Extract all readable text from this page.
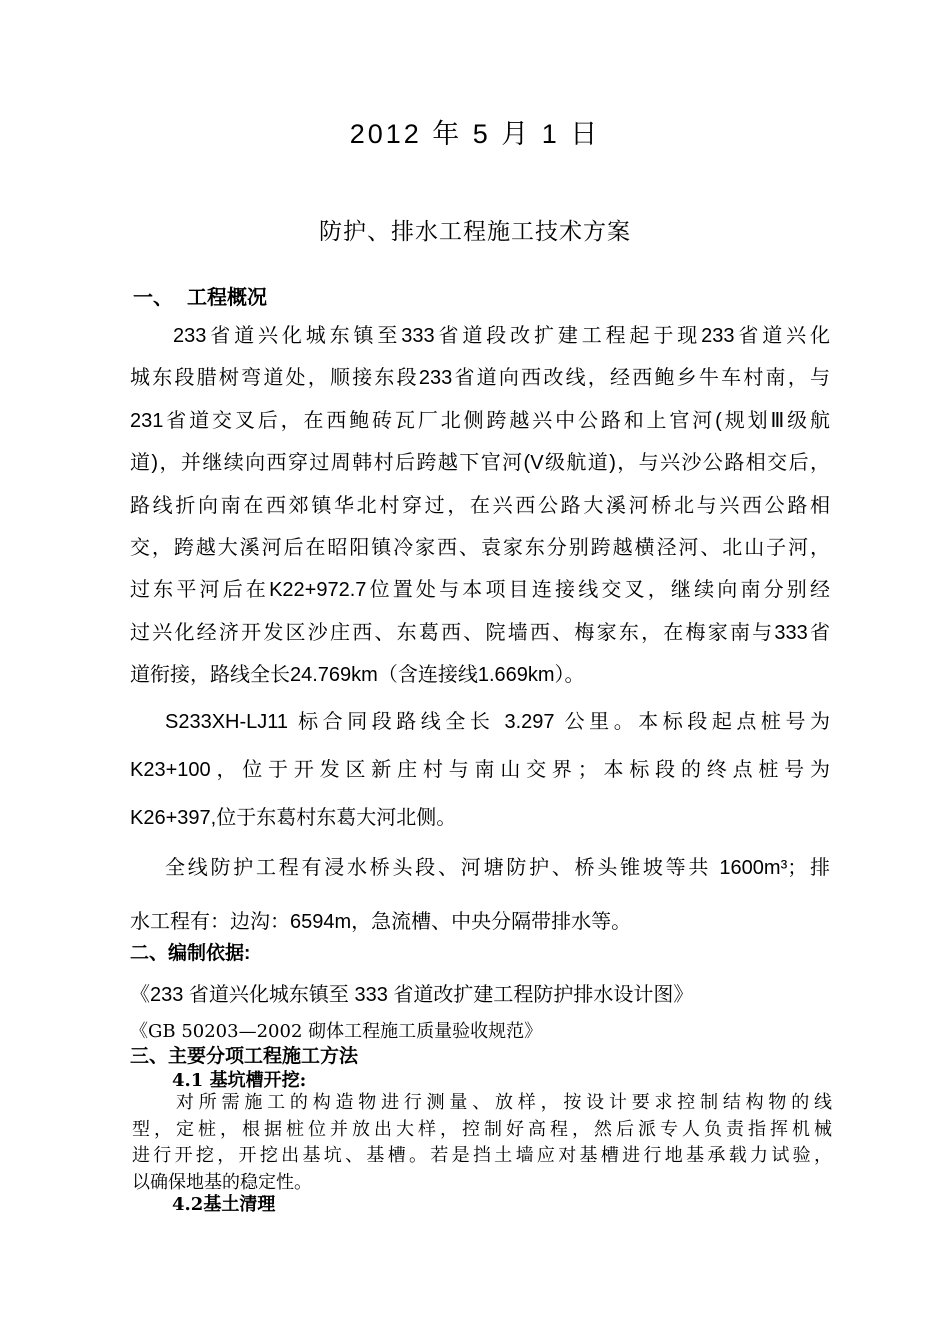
2012 年 5 月 1 日
防护、排水工程施工技术方案
一、 工程概况
233省道兴化城东镇至333省道段改扩建工程起于现233省道兴化
城东段腊树弯道处，顺接东段233省道向西改线，经西鲍乡牛车村南，与
231省道交叉后，在西鲍砖瓦厂北侧跨越兴中公路和上官河(规划Ⅲ级航
道)，并继续向西穿过周韩村后跨越下官河(V级航道)，与兴沙公路相交后，
路线折向南在西郊镇华北村穿过，在兴西公路大溪河桥北与兴西公路相
交，跨越大溪河后在昭阳镇冷家西、袁家东分别跨越横泾河、北山子河，
过东平河后在K22+972.7位置处与本项目连接线交叉，继续向南分别经
过兴化经济开发区沙庄西、东葛西、院墙西、梅家东，在梅家南与333省
道衔接，路线全长24.769km（含连接线1.669km）。
S233XH-LJ11 标合同段路线全长 3.297 公里。本标段起点桩号为
K23+100，位于开发区新庄村与南山交界；本标段的终点桩号为
K26+397,位于东葛村东葛大河北侧。
全线防护工程有浸水桥头段、河塘防护、桥头锥坡等共 1600m³；排
水工程有：边沟：6594m，急流槽、中央分隔带排水等。
二、编制依据:
《233 省道兴化城东镇至 333 省道改扩建工程防护排水设计图》
《GB 50203—2002 砌体工程施工质量验收规范》
三、主要分项工程施工方法
4.1 基坑槽开挖:
对所需施工的构造物进行测量、放样，按设计要求控制结构物的线
型，定桩，根据桩位并放出大样，控制好高程，然后派专人负责指挥机械
进行开挖，开挖出基坑、基槽。若是挡土墙应对基槽进行地基承载力试验，
以确保地基的稳定性。
4.2基土清理
